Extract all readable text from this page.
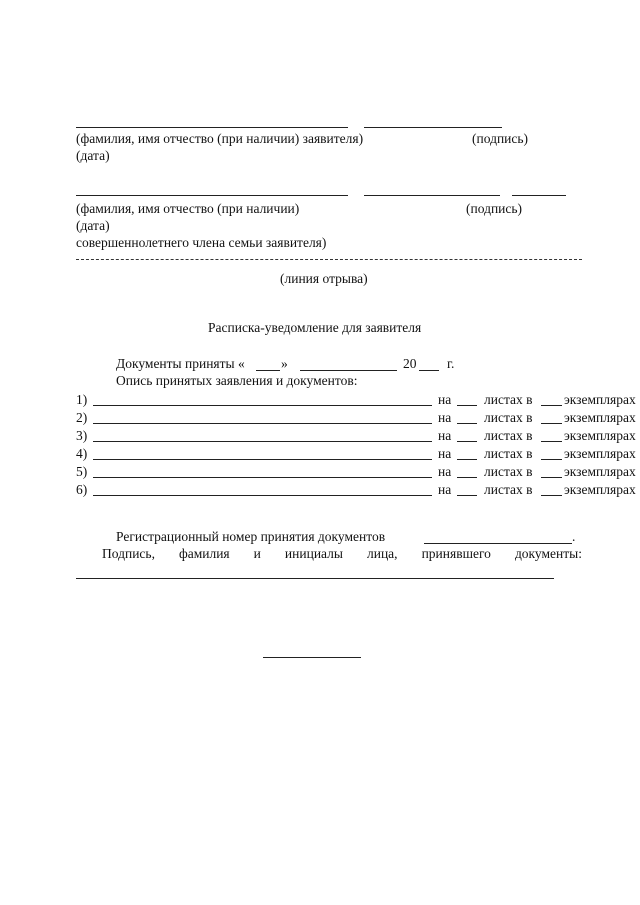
(фамилия, имя отчество (при наличии) заявителя)	(подпись)
(дата)
(фамилия, имя отчество (при наличии)	(подпись)
(дата)
совершеннолетнего члена семьи заявителя)
(линия отрыва)
Расписка-уведомление для заявителя
Документы приняты «	»	20 г.
Опись принятых заявления и документов:
1)	на листах в экземплярах
2)	на листах в экземплярах
3)	на листах в экземплярах
4)	на листах в экземплярах
5)	на листах в экземплярах
6)	на листах в экземплярах
Регистрационный номер принятия документов	.
Подпись, фамилия и инициалы лица, принявшего документы:
